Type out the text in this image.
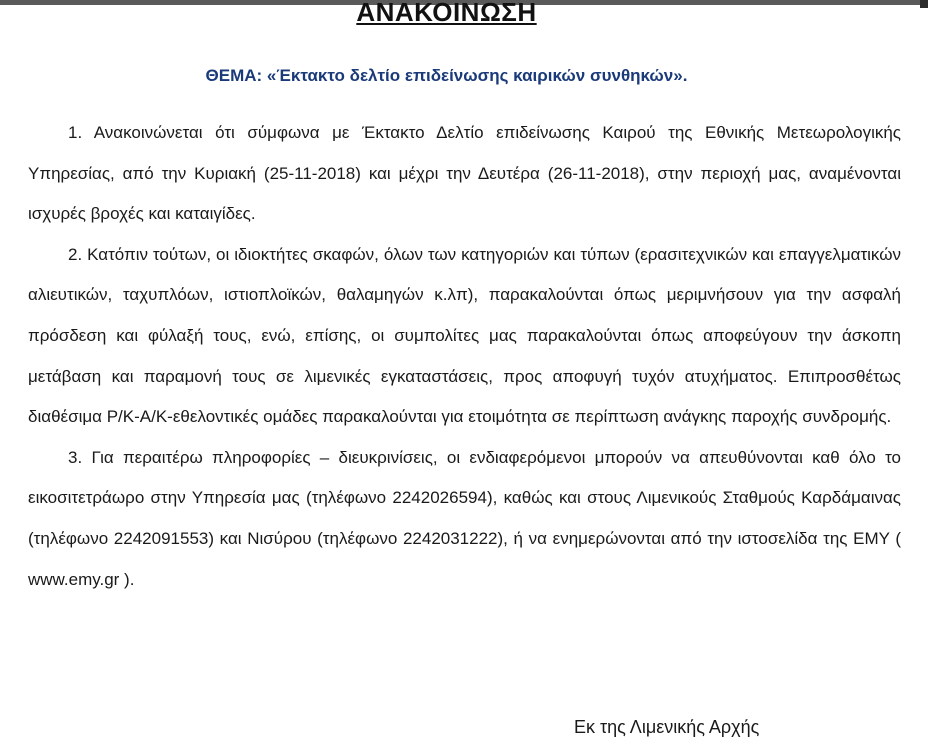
ΑΝΑΚΟΙΝΩΣΗ
ΘΕΜΑ: «Έκτακτο δελτίο επιδείνωσης καιρικών συνθηκών».

1. Ανακοινώνεται ότι σύμφωνα με Έκτακτο Δελτίο επιδείνωσης Καιρού της Εθνικής Μετεωρολογικής Υπηρεσίας, από την Κυριακή (25-11-2018) και μέχρι την Δευτέρα (26-11-2018), στην περιοχή μας, αναμένονται ισχυρές βροχές και καταιγίδες.

2. Κατόπιν τούτων, οι ιδιοκτήτες σκαφών, όλων των κατηγοριών και τύπων (ερασιτεχνικών και επαγγελματικών αλιευτικών, ταχυπλόων, ιστιοπλοϊκών, θαλαμηγών κ.λπ), παρακαλούνται όπως μεριμνήσουν για την ασφαλή πρόσδεση και φύλαξή τους, ενώ, επίσης, οι συμπολίτες μας παρακαλούνται όπως αποφεύγουν την άσκοπη μετάβαση και παραμονή τους σε λιμενικές εγκαταστάσεις, προς αποφυγή τυχόν ατυχήματος. Επιπροσθέτως διαθέσιμα Ρ/Κ-Α/Κ-εθελοντικές ομάδες παρακαλούνται για ετοιμότητα σε περίπτωση ανάγκης παροχής συνδρομής.

3. Για περαιτέρω πληροφορίες – διευκρινίσεις, οι ενδιαφερόμενοι μπορούν να απευθύνονται καθ όλο το εικοσιτετράωρο στην Υπηρεσία μας (τηλέφωνο 2242026594), καθώς και στους Λιμενικούς Σταθμούς Καρδάμαινας (τηλέφωνο 2242091553) και Νισύρου (τηλέφωνο 2242031222), ή να ενημερώνονται από την ιστοσελίδα της ΕΜΥ ( www.emy.gr ).

Εκ της Λιμενικής Αρχής
